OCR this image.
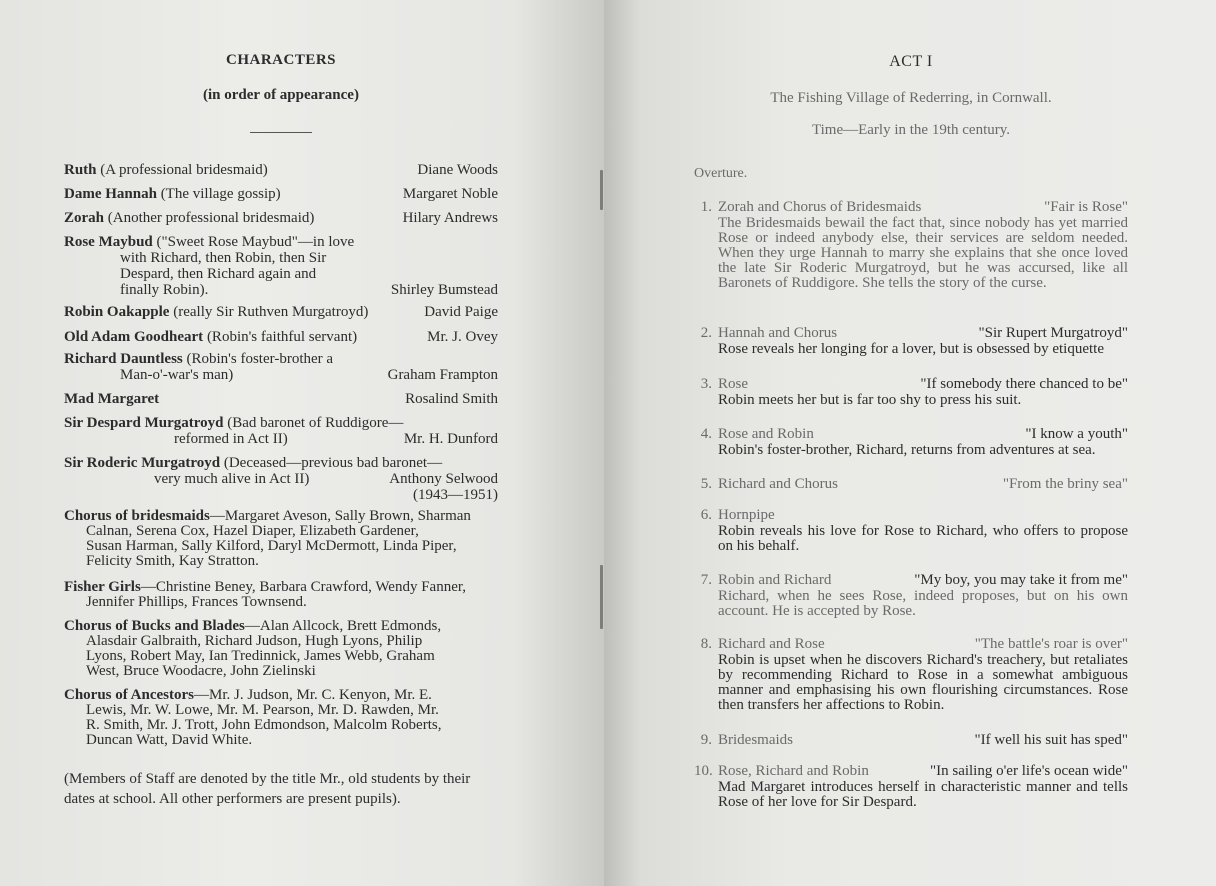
CHARACTERS
(in order of appearance)
Ruth (A professional bridesmaid)	Diane Woods
Dame Hannah (The village gossip)	Margaret Noble
Zorah (Another professional bridesmaid)	Hilary Andrews
Rose Maybud ("Sweet Rose Maybud"—in love
with Richard, then Robin, then Sir
Despard, then Richard again and
finally Robin).	Shirley Bumstead
Robin Oakapple (really Sir Ruthven Murgatroyd)	David Paige
Old Adam Goodheart (Robin's faithful servant)	Mr. J. Ovey
Richard Dauntless (Robin's foster-brother a
Man-o'-war's man)	Graham Frampton
Mad Margaret	Rosalind Smith
Sir Despard Murgatroyd (Bad baronet of Ruddigore—
reformed in Act II)	Mr. H. Dunford
Sir Roderic Murgatroyd (Deceased—previous bad baronet—
very much alive in Act II)	Anthony Selwood
(1943—1951)
Chorus of bridesmaids—Margaret Aveson, Sally Brown, Sharman
Calnan, Serena Cox, Hazel Diaper, Elizabeth Gardener,
Susan Harman, Sally Kilford, Daryl McDermott, Linda Piper,
Felicity Smith, Kay Stratton.
Fisher Girls—Christine Beney, Barbara Crawford, Wendy Fanner,
Jennifer Phillips, Frances Townsend.
Chorus of Bucks and Blades—Alan Allcock, Brett Edmonds,
Alasdair Galbraith, Richard Judson, Hugh Lyons, Philip
Lyons, Robert May, Ian Tredinnick, James Webb, Graham
West, Bruce Woodacre, John Zielinski
Chorus of Ancestors—Mr. J. Judson, Mr. C. Kenyon, Mr. E.
Lewis, Mr. W. Lowe, Mr. M. Pearson, Mr. D. Rawden, Mr.
R. Smith, Mr. J. Trott, John Edmondson, Malcolm Roberts,
Duncan Watt, David White.
(Members of Staff are denoted by the title Mr., old students by their dates at school. All other performers are present pupils).
ACT I
The Fishing Village of Rederring, in Cornwall.
Time—Early in the 19th century.
Overture.
1. Zorah and Chorus of Bridesmaids	"Fair is Rose"
The Bridesmaids bewail the fact that, since nobody has yet married Rose or indeed anybody else, their services are seldom needed. When they urge Hannah to marry she explains that she once loved the late Sir Roderic Murgatroyd, but he was accursed, like all Baronets of Ruddigore. She tells the story of the curse.
2. Hannah and Chorus	"Sir Rupert Murgatroyd"
Rose reveals her longing for a lover, but is obsessed by etiquette
3. Rose	"If somebody there chanced to be"
Robin meets her but is far too shy to press his suit.
4. Rose and Robin	"I know a youth"
Robin's foster-brother, Richard, returns from adventures at sea.
5. Richard and Chorus	"From the briny sea"
6. Hornpipe
Robin reveals his love for Rose to Richard, who offers to propose on his behalf.
7. Robin and Richard	"My boy, you may take it from me"
Richard, when he sees Rose, indeed proposes, but on his own account. He is accepted by Rose.
8. Richard and Rose	"The battle's roar is over"
Robin is upset when he discovers Richard's treachery, but retaliates by recommending Richard to Rose in a somewhat ambiguous manner and emphasising his own flourishing circumstances. Rose then transfers her affections to Robin.
9. Bridesmaids	"If well his suit has sped"
10. Rose, Richard and Robin	"In sailing o'er life's ocean wide"
Mad Margaret introduces herself in characteristic manner and tells Rose of her love for Sir Despard.
